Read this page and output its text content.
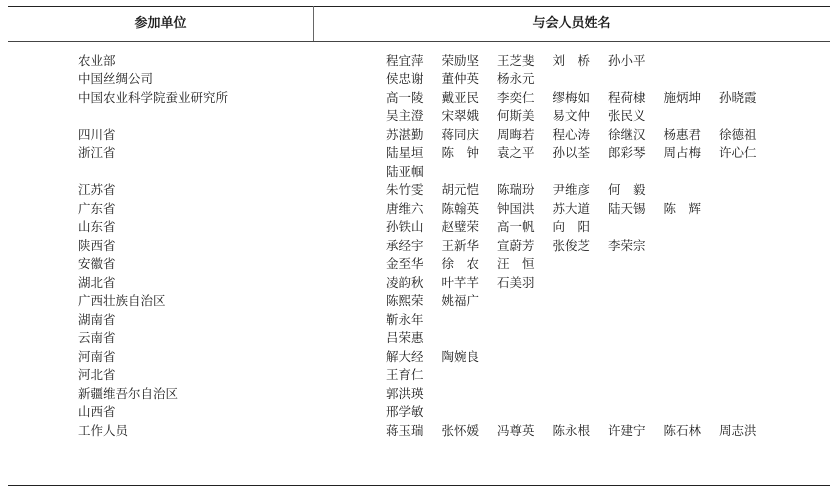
参加单位	与会人员姓名
农业部	程宜萍	荣励坚	王芝斐	刘　桥	孙小平
中国丝绸公司	侯忠谢	董仲英	杨永元
中国农业科学院蚕业研究所	高一陵	戴亚民	李奕仁	缪梅如	程荷棣	施炳坤	孙晓霞
吴主澄	宋翠娥	何斯美	易文仲	张民义
四川省	苏湛勤	蒋同庆	周晦若	程心涛	徐继汉	杨惠君	徐德祖
浙江省	陆星垣	陈　钟	袁之平	孙以荃	郎彩琴	周占梅	许心仁
陆亚帼
江苏省	朱竹雯	胡元恺	陈瑞玢	尹维彦	何　毅
广东省	唐维六	陈翰英	钟国洪	苏大道	陆天锡	陈　辉
山东省	孙铁山	赵璧荣	高一帆	向　阳
陕西省	承经宇	王新华	宣蔚芳	张俊芝	李荣宗
安徽省	金至华	徐　农	汪　恒
湖北省	凌韵秋	叶芊芊	石美羽
广西壮族自治区	陈熙荣	姚福广
湖南省	靳永年
云南省	吕荣惠
河南省	解大经	陶婉良
河北省	王育仁
新疆维吾尔自治区	郭洪瑛
山西省	邢学敏
工作人员	蒋玉瑞	张怀媛	冯尊英	陈永根	许建宁	陈石林	周志洪
